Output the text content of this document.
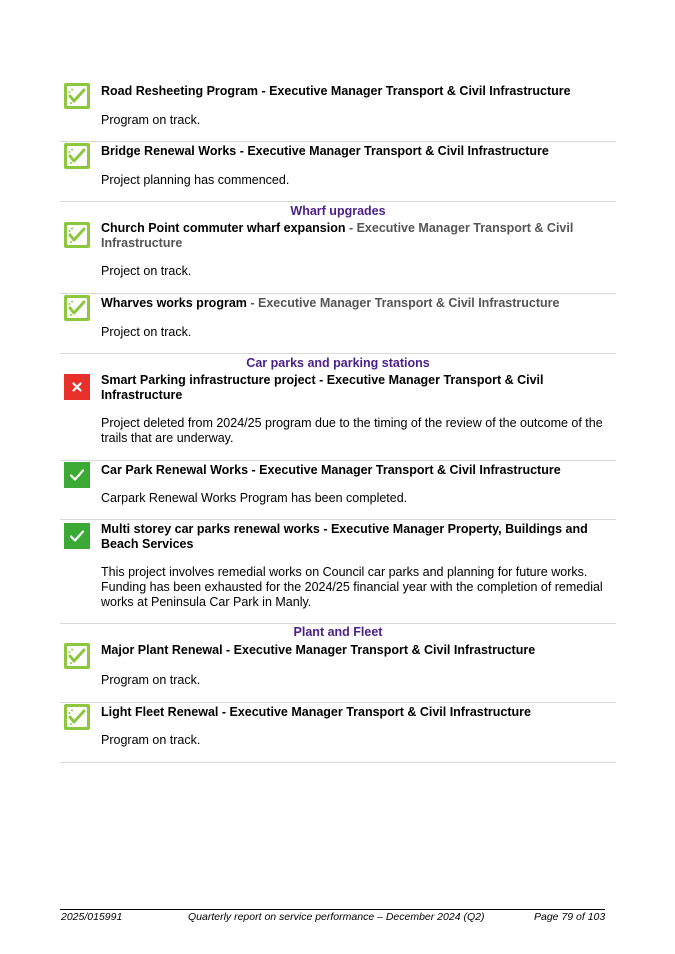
Road Resheeting Program - Executive Manager Transport & Civil Infrastructure
Program on track.
Bridge Renewal Works - Executive Manager Transport & Civil Infrastructure
Project planning has commenced.
Wharf upgrades
Church Point commuter wharf expansion - Executive Manager Transport & Civil Infrastructure
Project on track.
Wharves works program - Executive Manager Transport & Civil Infrastructure
Project on track.
Car parks and parking stations
Smart Parking infrastructure project - Executive Manager Transport & Civil Infrastructure
Project deleted from 2024/25 program due to the timing of the review of the outcome of the trails that are underway.
Car Park Renewal Works - Executive Manager Transport & Civil Infrastructure
Carpark Renewal Works Program has been completed.
Multi storey car parks renewal works - Executive Manager Property, Buildings and Beach Services
This project involves remedial works on Council car parks and planning for future works. Funding has been exhausted for the 2024/25 financial year with the completion of remedial works at Peninsula Car Park in Manly.
Plant and Fleet
Major Plant Renewal - Executive Manager Transport & Civil Infrastructure
Program on track.
Light Fleet Renewal - Executive Manager Transport & Civil Infrastructure
Program on track.
2025/015991	Quarterly report on service performance – December 2024 (Q2)	Page 79 of 103
